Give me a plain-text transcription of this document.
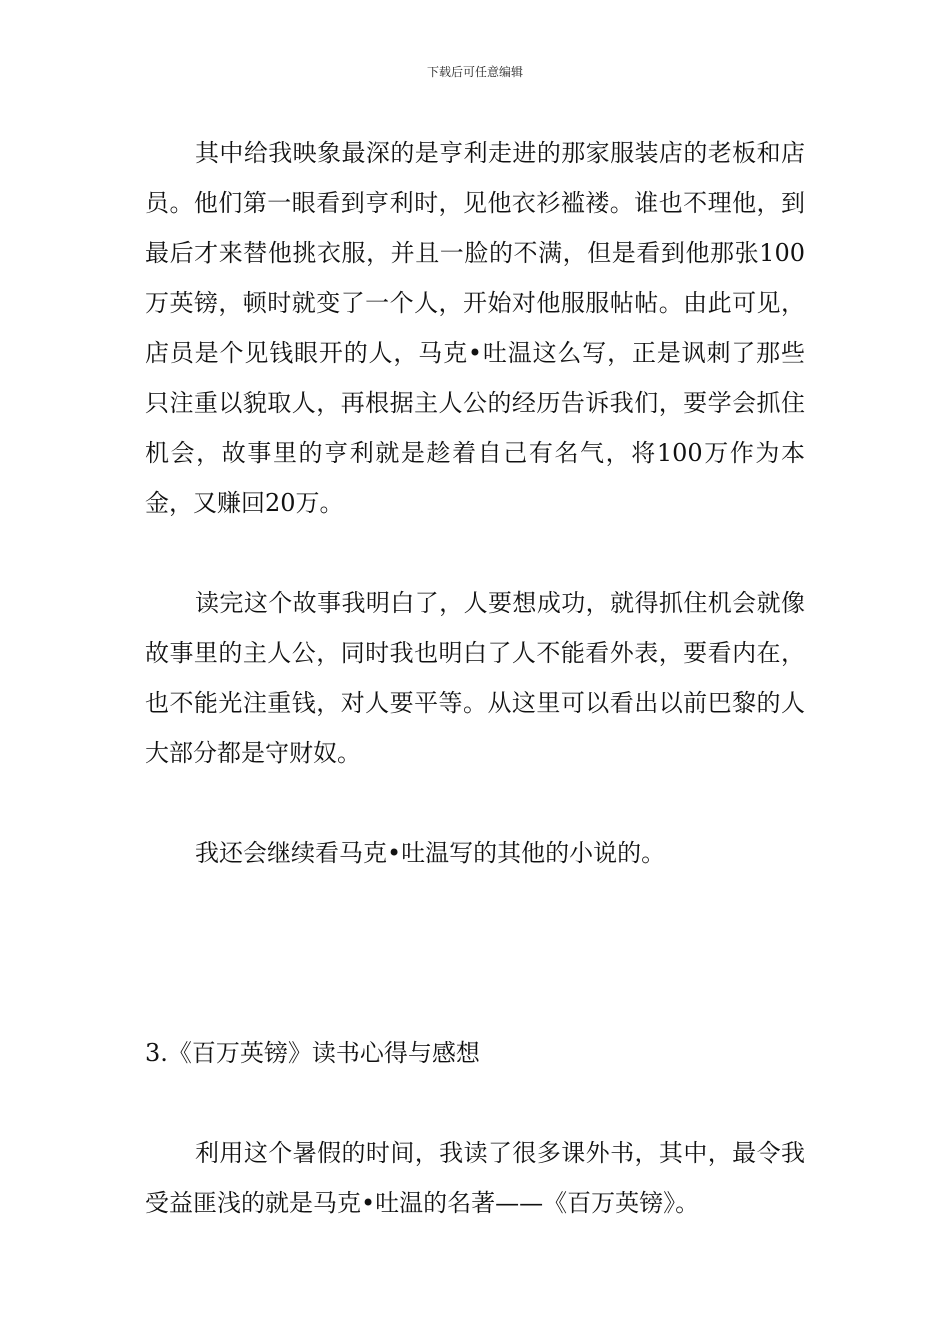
下载后可任意编辑

其中给我映象最深的是亨利走进的那家服装店的老板和店员。他们第一眼看到亨利时，见他衣衫褴褛。谁也不理他，到最后才来替他挑衣服，并且一脸的不满，但是看到他那张100万英镑，顿时就变了一个人，开始对他服服帖帖。由此可见，店员是个见钱眼开的人，马克•吐温这么写，正是讽刺了那些只注重以貌取人，再根据主人公的经历告诉我们，要学会抓住机会，故事里的亨利就是趁着自己有名气，将100万作为本金，又赚回20万。

读完这个故事我明白了，人要想成功，就得抓住机会就像故事里的主人公，同时我也明白了人不能看外表，要看内在，也不能光注重钱，对人要平等。从这里可以看出以前巴黎的人大部分都是守财奴。

我还会继续看马克•吐温写的其他的小说的。

3.《百万英镑》读书心得与感想

利用这个暑假的时间，我读了很多课外书，其中，最令我受益匪浅的就是马克•吐温的名著——《百万英镑》。
